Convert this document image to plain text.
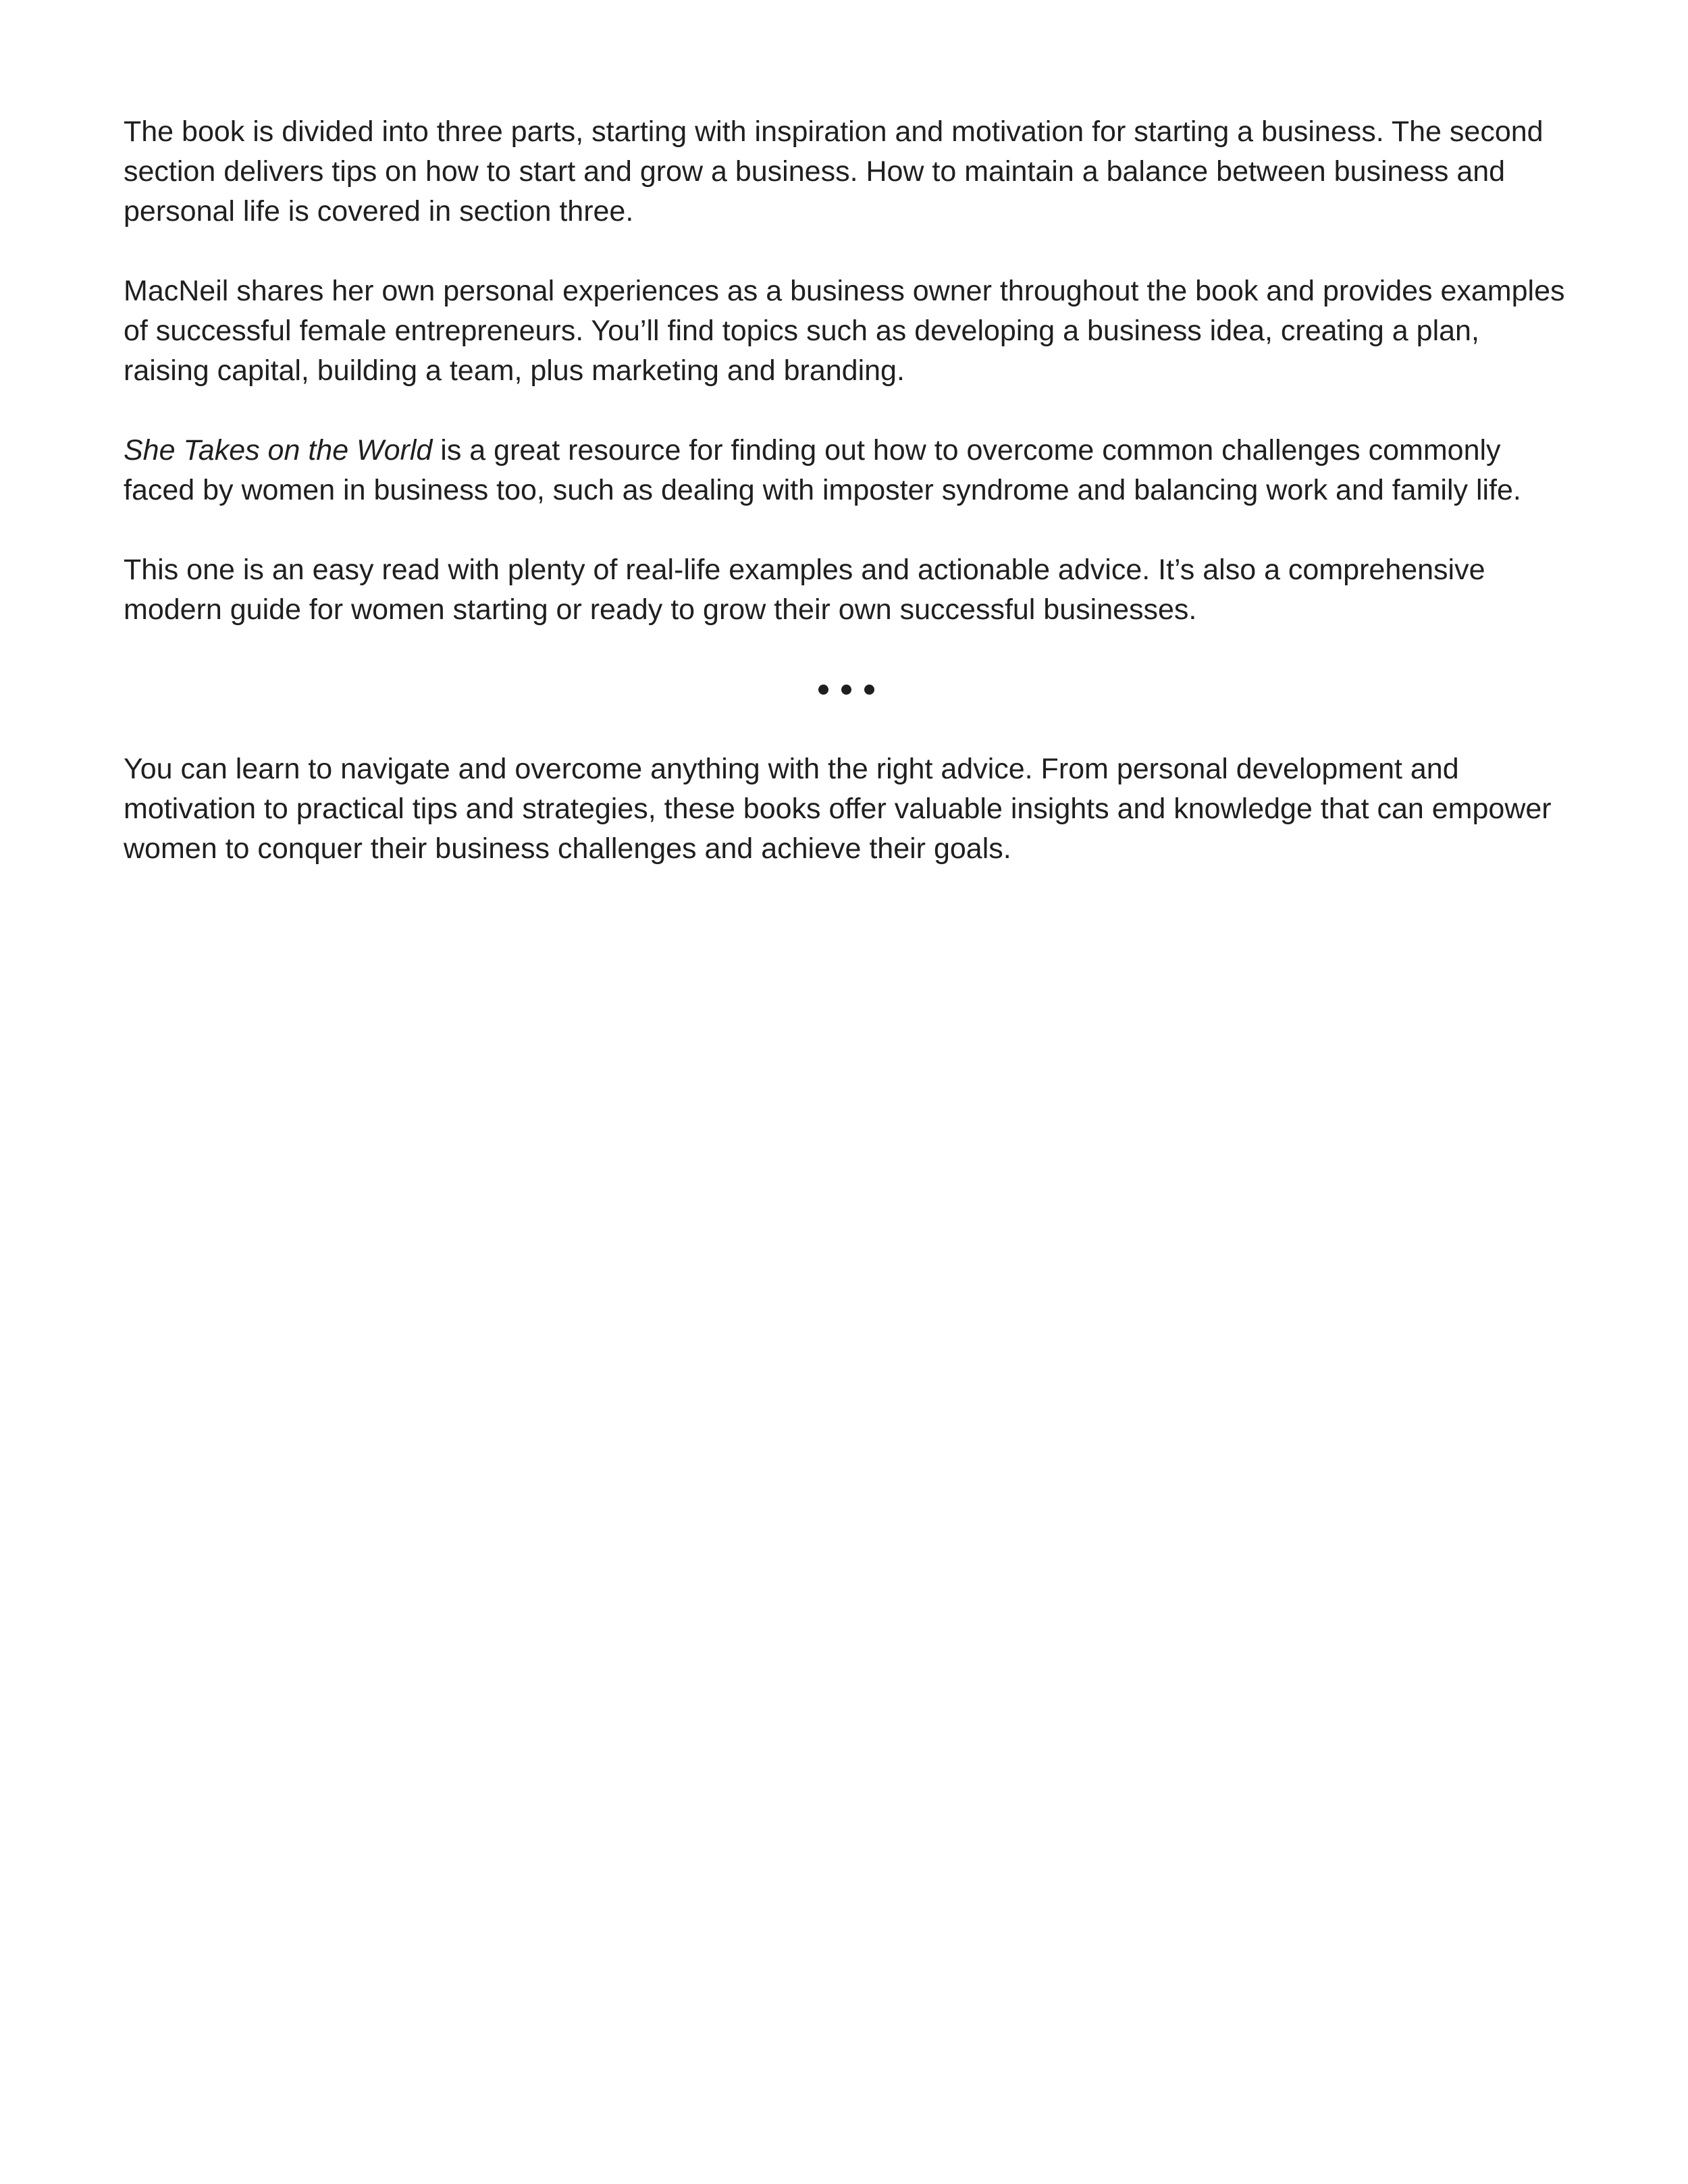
The book is divided into three parts, starting with inspiration and motivation for starting a business. The second section delivers tips on how to start and grow a business. How to maintain a balance between business and personal life is covered in section three.

MacNeil shares her own personal experiences as a business owner throughout the book and provides examples of successful female entrepreneurs. You’ll find topics such as developing a business idea, creating a plan, raising capital, building a team, plus marketing and branding.

She Takes on the World is a great resource for finding out how to overcome common challenges commonly faced by women in business too, such as dealing with imposter syndrome and balancing work and family life.

This one is an easy read with plenty of real-life examples and actionable advice. It’s also a comprehensive modern guide for women starting or ready to grow their own successful businesses.

You can learn to navigate and overcome anything with the right advice. From personal development and motivation to practical tips and strategies, these books offer valuable insights and knowledge that can empower women to conquer their business challenges and achieve their goals.
